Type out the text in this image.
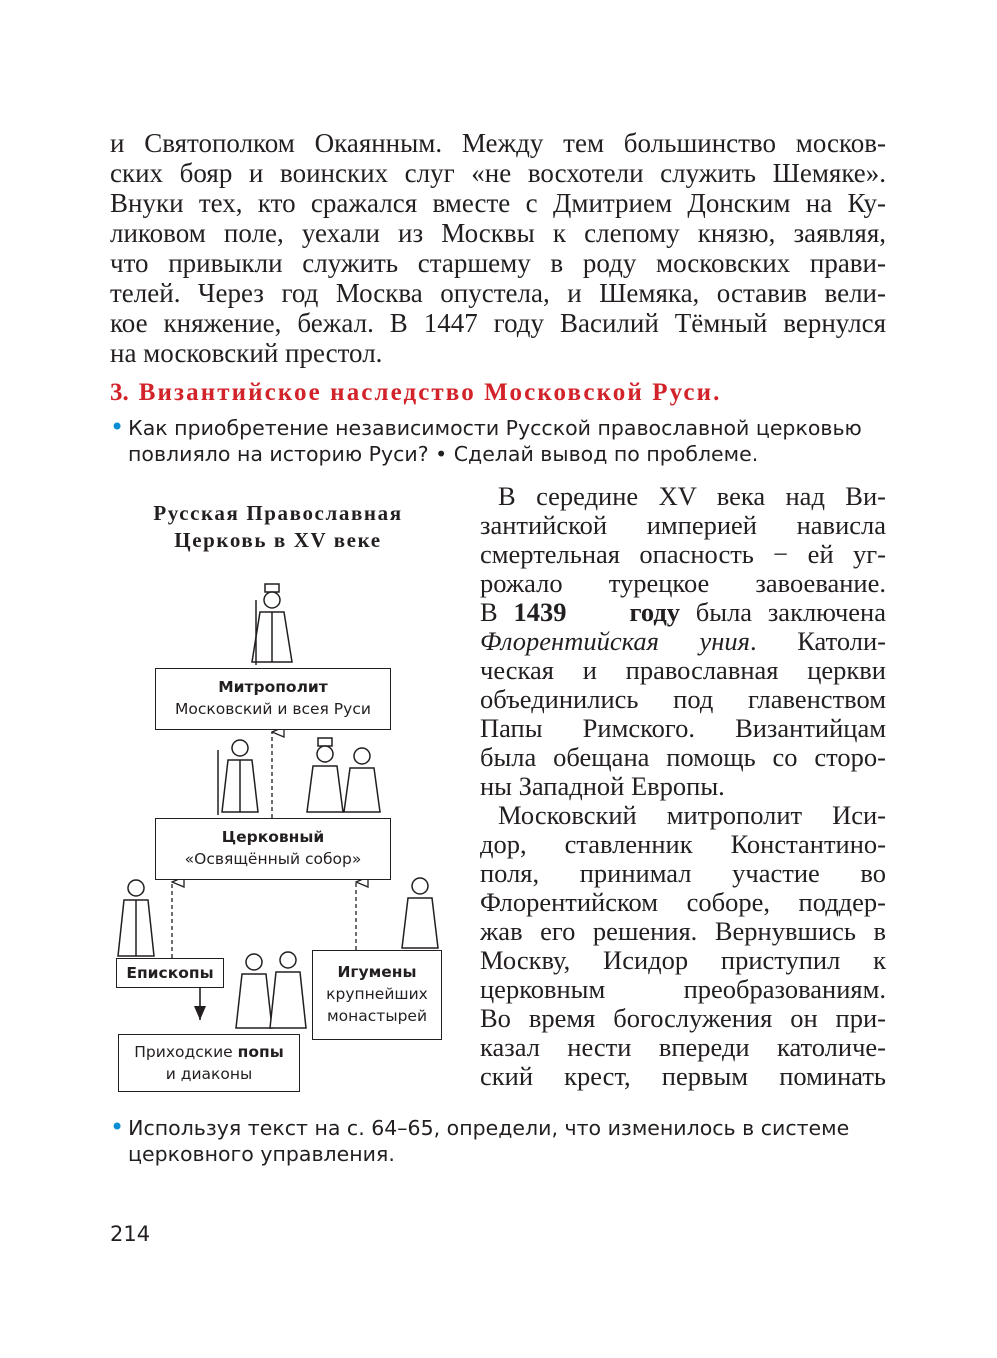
и Святополком Окаянным. Между тем большинство москов-
ских бояр и воинских слуг «не восхотели служить Шемяке».
Внуки тех, кто сражался вместе с Дмитрием Донским на Ку-
ликовом поле, уехали из Москвы к слепому князю, заявляя,
что привыкли служить старшему в роду московских прави-
телей. Через год Москва опустела, и Шемяка, оставив вели-
кое княжение, бежал. В 1447 году Василий Тёмный вернулся
на московский престол.
3. Византийское наследство Московской Руси.
• Как приобретение независимости Русской православной церковью
повлияло на историю Руси? • Сделай вывод по проблеме.
Русская Православная
Церковь в XV веке
Митрополит
Московский и всея Руси
Церковный
«Освящённый собор»
Епископы	Игумены
крупнейших
монастырей
Приходские попы
и диаконы
В середине XV века над Ви-
зантийской империей нависла
смертельная опасность − ей уг-
рожало турецкое завоевание.
В 1439 году была заключена
Флорентийская уния. Католи-
ческая и православная церкви
объединились под главенством
Папы Римского. Византийцам
была обещана помощь со сторо-
ны Западной Европы.
Московский митрополит Иси-
дор, ставленник Константино-
поля, принимал участие во
Флорентийском соборе, поддер-
жав его решения. Вернувшись в
Москву, Исидор приступил к
церковным преобразованиям.
Во время богослужения он при-
казал нести впереди католиче-
ский крест, первым поминать
• Используя текст на с. 64–65, определи, что изменилось в системе
церковного управления.
214
